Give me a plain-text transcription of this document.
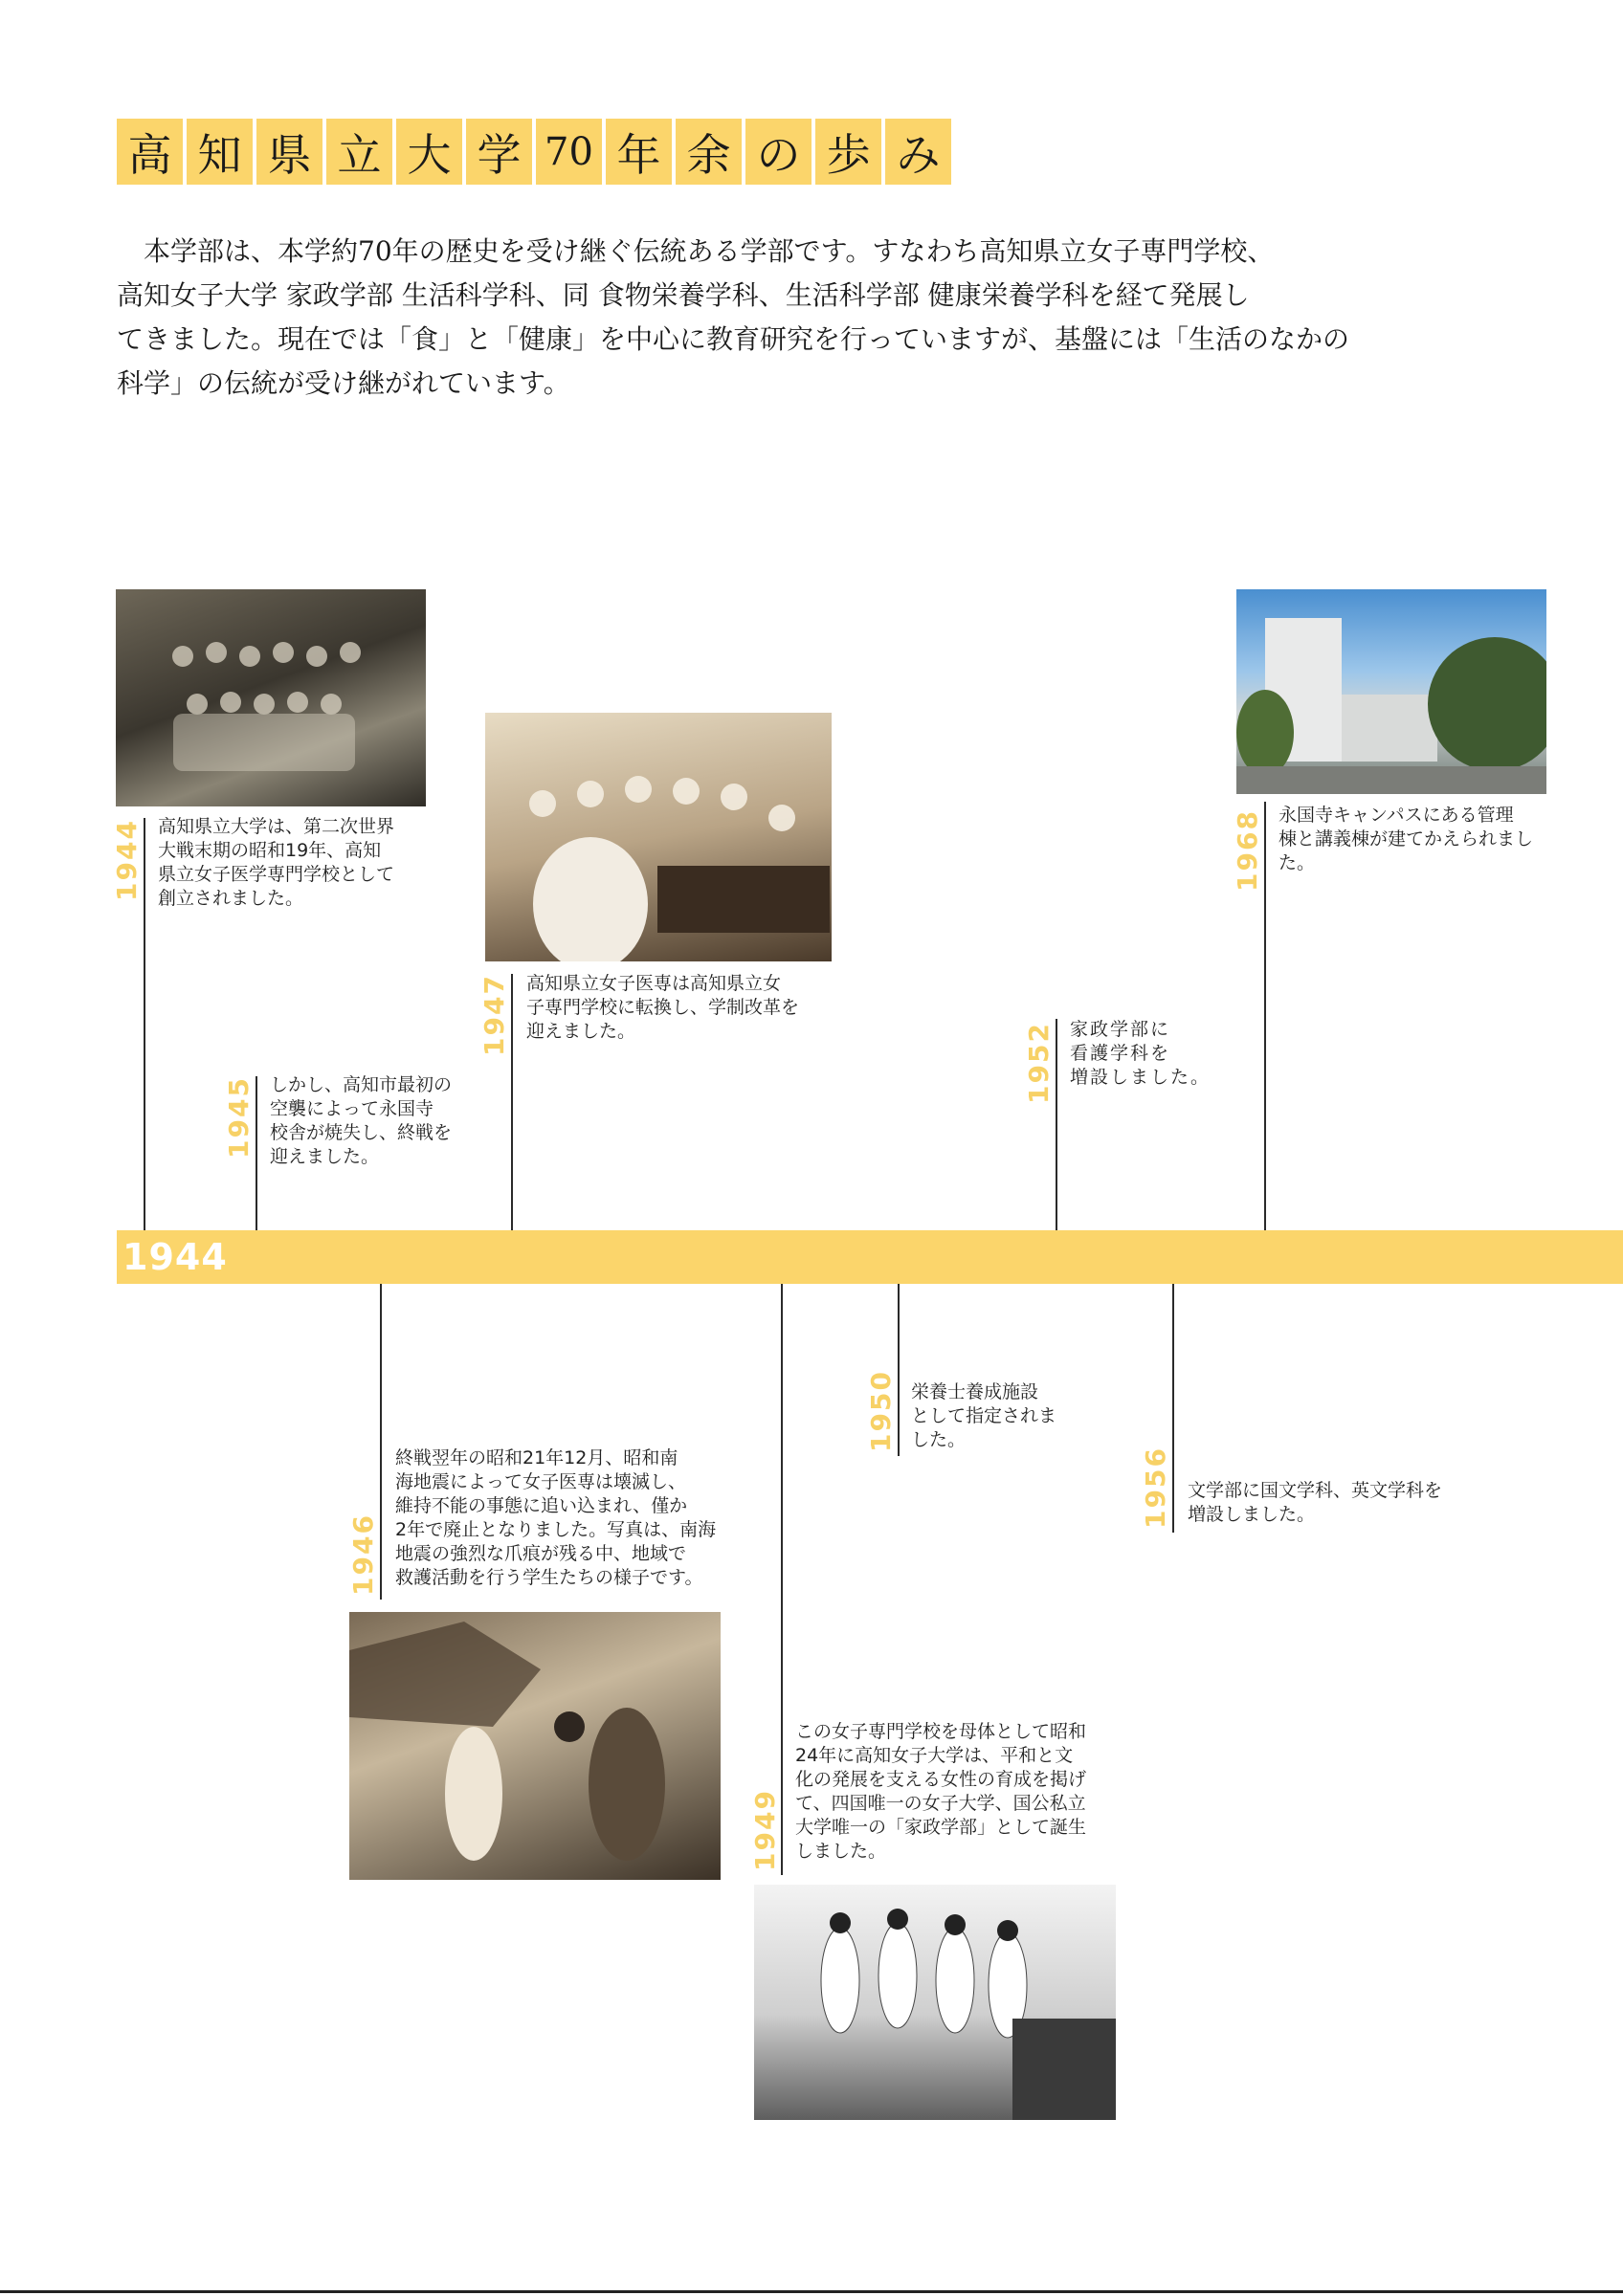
高 知 県 立 大 学 70 年 余 の 歩 み
本学部は、本学約70年の歴史を受け継ぐ伝統ある学部です。すなわち高知県立女子専門学校、
高知女子大学 家政学部 生活科学科、同 食物栄養学科、生活科学部 健康栄養学科を経て発展し
てきました。現在では「食」と「健康」を中心に教育研究を行っていますが、基盤には「生活のなかの
科学」の伝統が受け継がれています。
1944
1944 高知県立大学は、第二次世界
大戦末期の昭和19年、高知
県立女子医学専門学校として
創立されました。
1945 しかし、高知市最初の
空襲によって永国寺
校舎が焼失し、終戦を
迎えました。
1947 高知県立女子医専は高知県立女
子専門学校に転換し、学制改革を
迎えました。	1952 家政学部に
看護学科を
増設しました。
1968 永国寺キャンパスにある管理
棟と講義棟が建てかえられまし
た。
1946
終戦翌年の昭和21年12月、昭和南
海地震によって女子医専は壊滅し、
維持不能の事態に追い込まれ、僅か
2年で廃止となりました。写真は、南海
地震の強烈な爪痕が残る中、地域で
救護活動を行う学生たちの様子です。
1949
この女子専門学校を母体として昭和
24年に高知女子大学は、平和と文
化の発展を支える女性の育成を掲げ
て、四国唯一の女子大学、国公私立
大学唯一の「家政学部」として誕生
しました。
1950 栄養士養成施設
として指定されま
した。
1956 文学部に国文学科、英文学科を
増設しました。
